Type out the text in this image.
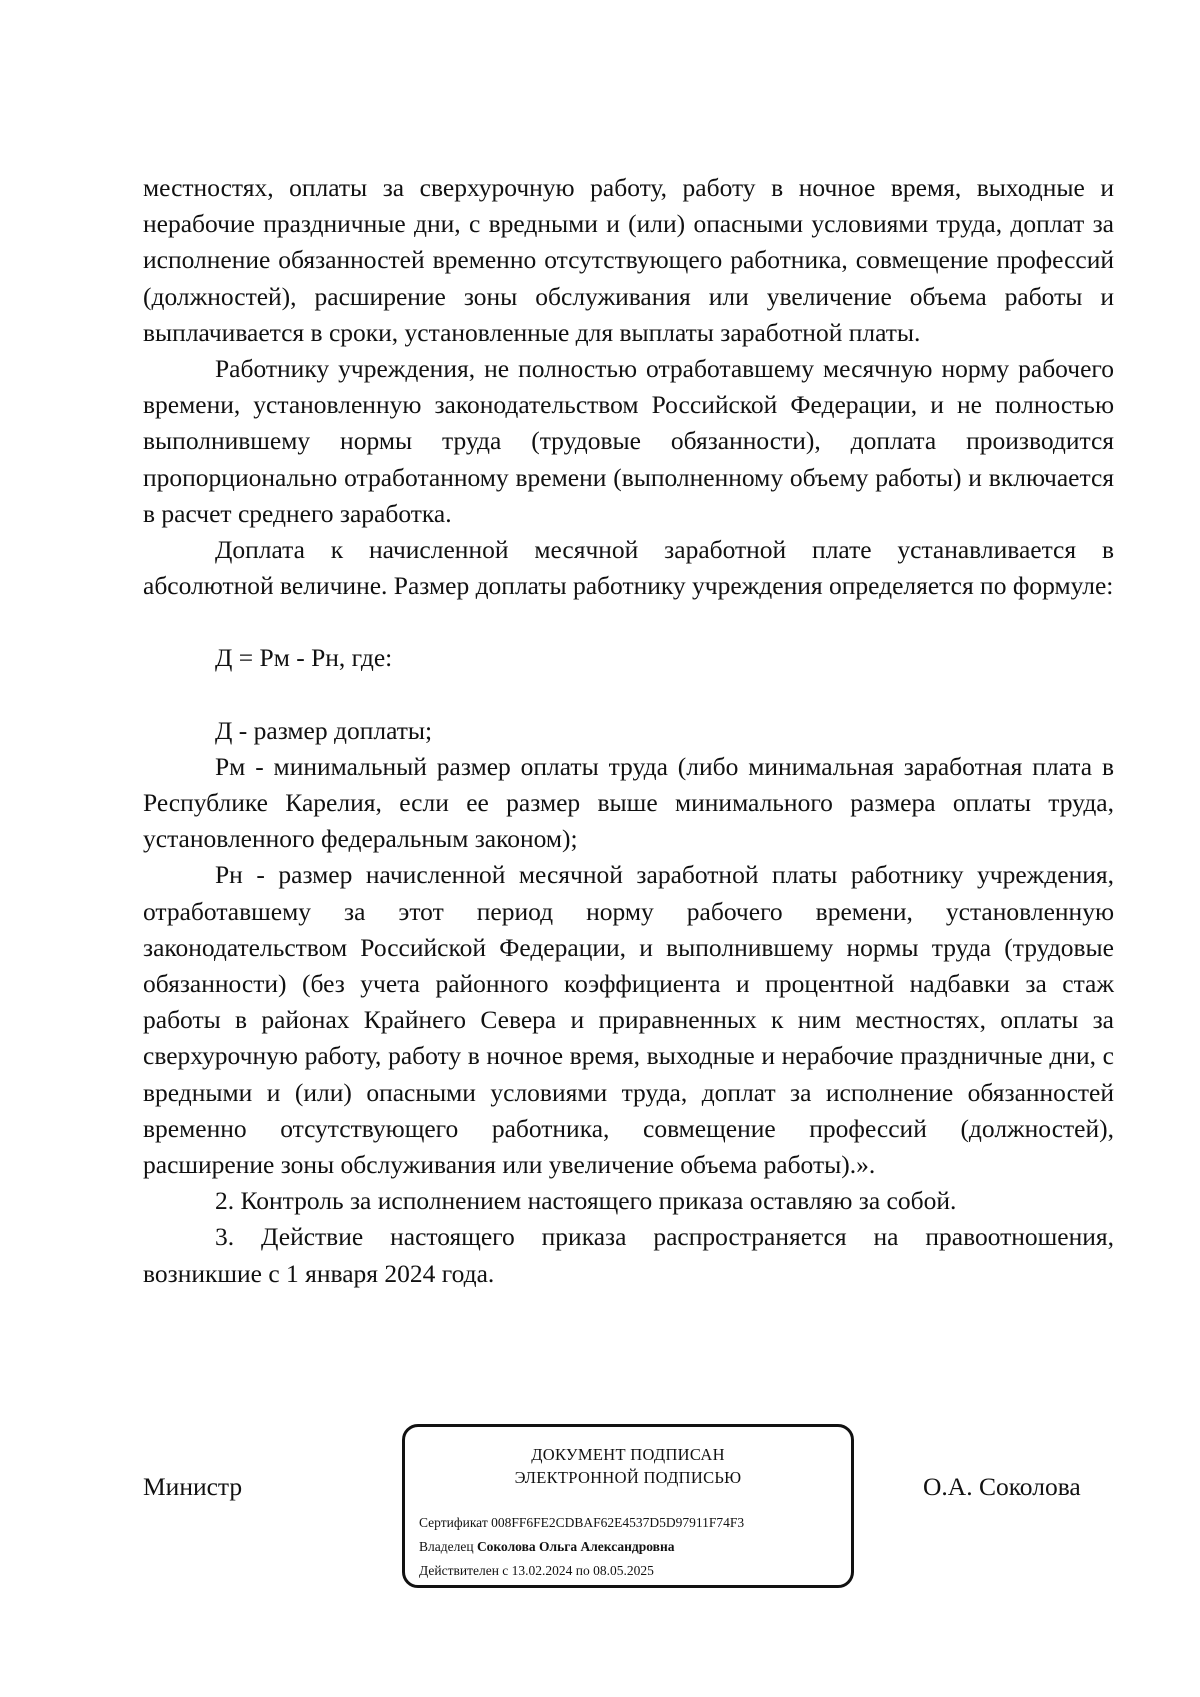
местностях, оплаты за сверхурочную работу, работу в ночное время, выходные и нерабочие праздничные дни, с вредными и (или) опасными условиями труда, доплат за исполнение обязанностей временно отсутствующего работника, совмещение профессий (должностей), расширение зоны обслуживания или увеличение объема работы и выплачивается в сроки, установленные для выплаты заработной платы.

Работнику учреждения, не полностью отработавшему месячную норму рабочего времени, установленную законодательством Российской Федерации, и не полностью выполнившему нормы труда (трудовые обязанности), доплата производится пропорционально отработанному времени (выполненному объему работы) и включается в расчет среднего заработка.

Доплата к начисленной месячной заработной плате устанавливается в абсолютной величине. Размер доплаты работнику учреждения определяется по формуле:

Д = Рм - Рн, где:

Д - размер доплаты;

Рм - минимальный размер оплаты труда (либо минимальная заработная плата в Республике Карелия, если ее размер выше минимального размера оплаты труда, установленного федеральным законом);

Рн - размер начисленной месячной заработной платы работнику учреждения, отработавшему за этот период норму рабочего времени, установленную законодательством Российской Федерации, и выполнившему нормы труда (трудовые обязанности) (без учета районного коэффициента и процентной надбавки за стаж работы в районах Крайнего Севера и приравненных к ним местностях, оплаты за сверхурочную работу, работу в ночное время, выходные и нерабочие праздничные дни, с вредными и (или) опасными условиями труда, доплат за исполнение обязанностей временно отсутствующего работника, совмещение профессий (должностей), расширение зоны обслуживания или увеличение объема работы).».

2. Контроль за исполнением настоящего приказа оставляю за собой.

3. Действие настоящего приказа распространяется на правоотношения, возникшие с 1 января 2024 года.

Министр
ДОКУМЕНТ ПОДПИСАН
ЭЛЕКТРОННОЙ ПОДПИСЬЮ
Сертификат 008FF6FE2CDBAF62E4537D5D97911F74F3
Владелец Соколова Ольга Александровна
Действителен с 13.02.2024 по 08.05.2025
О.А. Соколова
